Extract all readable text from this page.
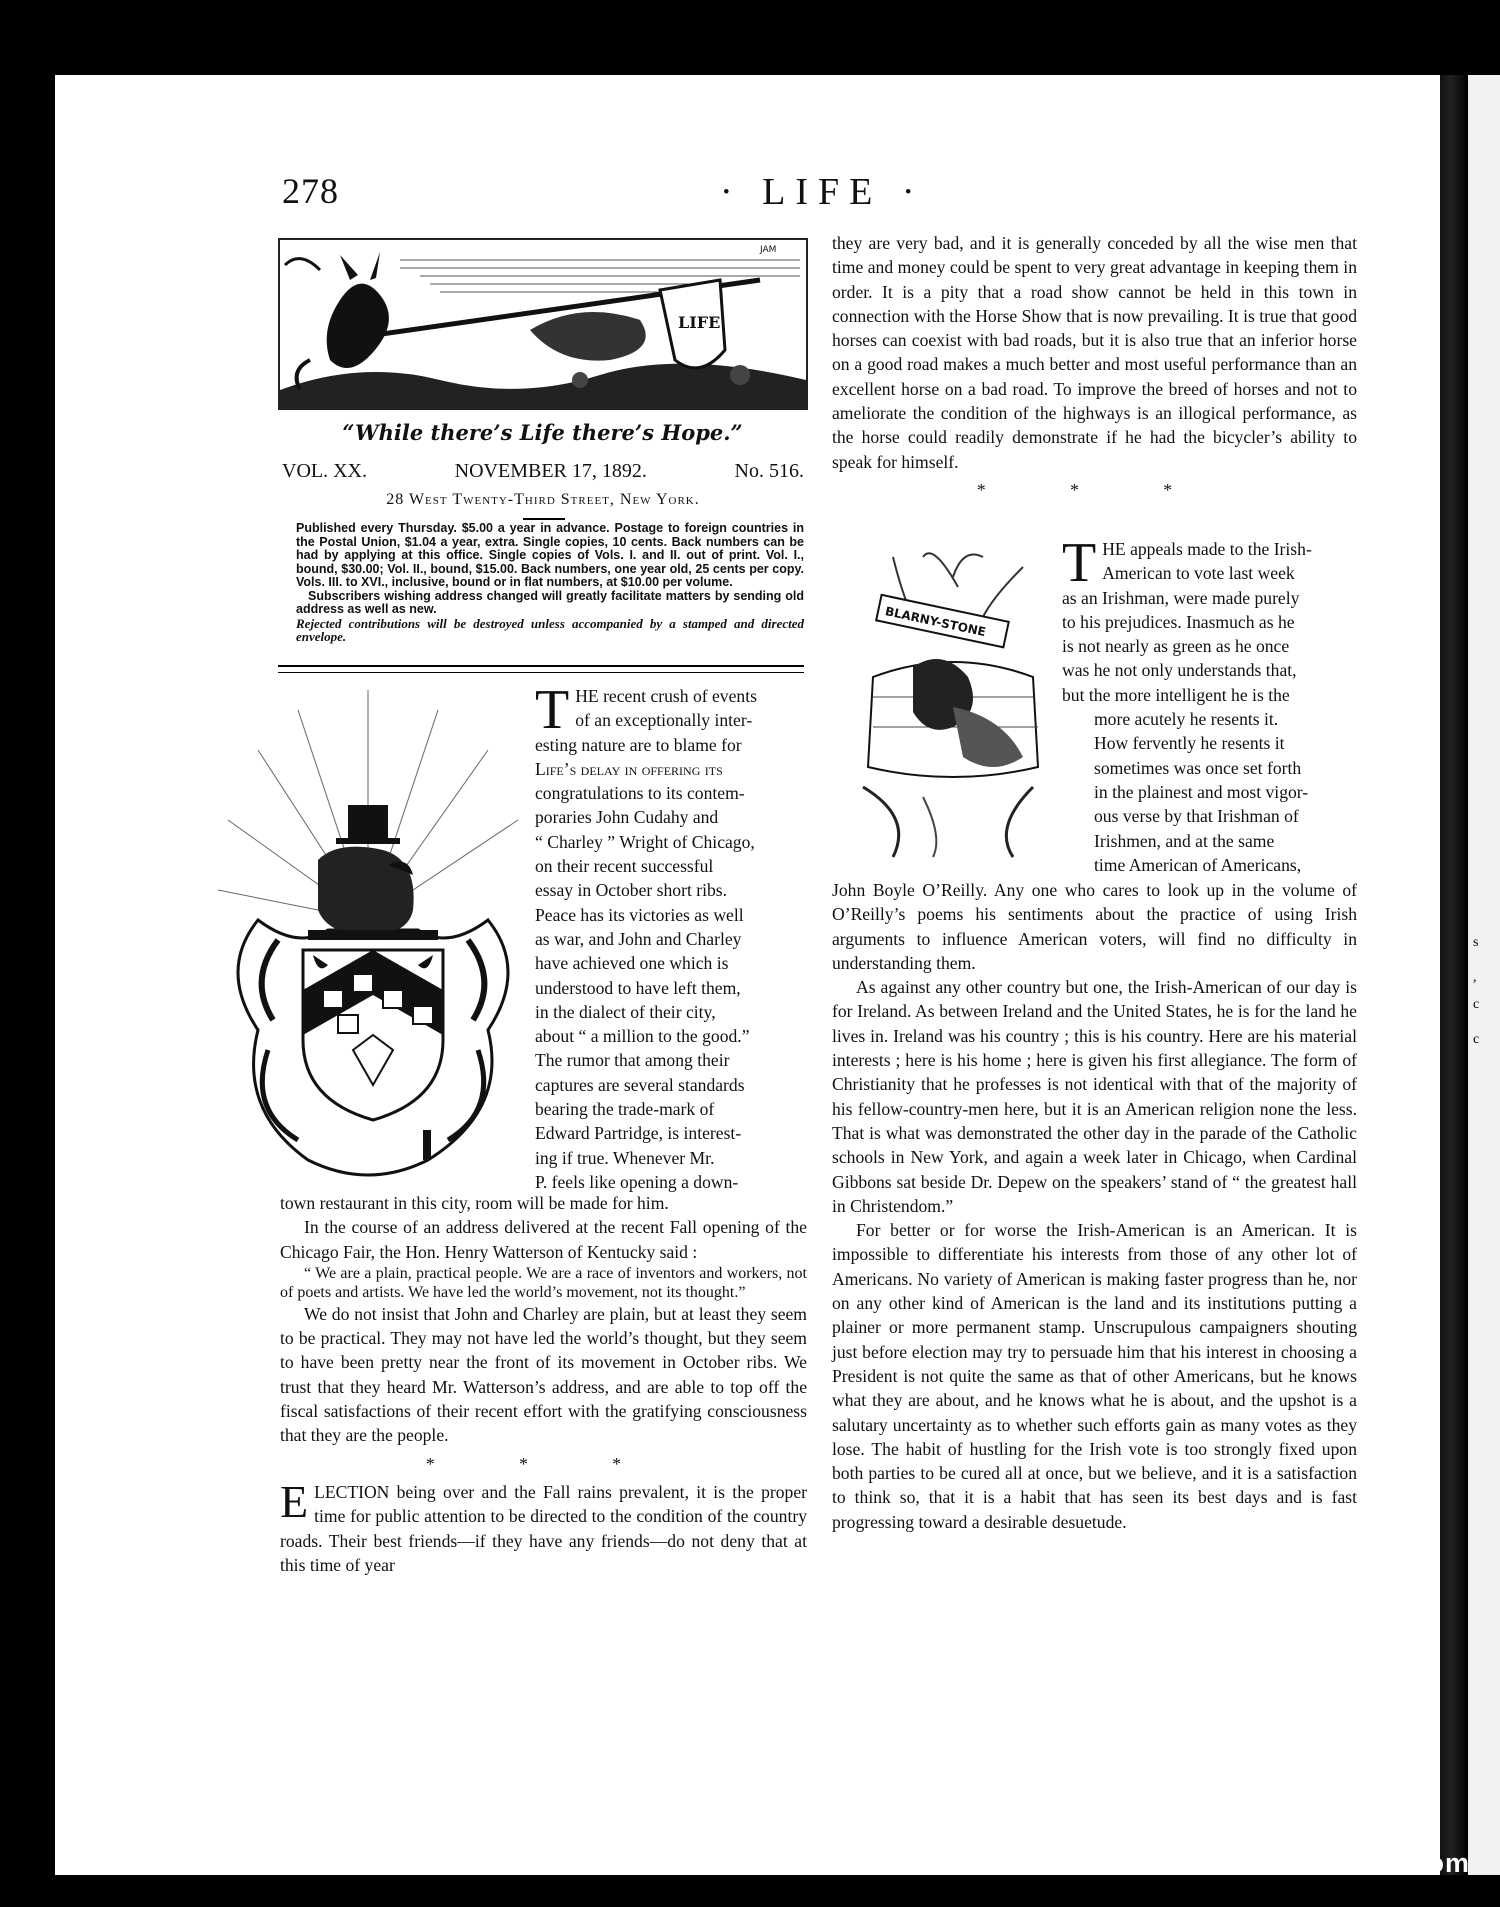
s
,
c
c
278	· LIFE ·
LIFE
JAM
“While there’s Life there’s Hope.”
VOL. XX.	NOVEMBER 17, 1892.	No. 516.
28 West Twenty-Third Street, New York.

Published every Thursday. $5.00 a year in advance. Postage to foreign countries in the Postal Union, $1.04 a year, extra. Single copies, 10 cents. Back numbers can be had by applying at this office. Single copies of Vols. I. and II. out of print. Vol. I., bound, $30.00; Vol. II., bound, $15.00. Back numbers, one year old, 25 cents per copy. Vols. III. to XVI., inclusive, bound or in flat numbers, at $10.00 per volume.

Subscribers wishing address changed will greatly facilitate matters by sending old address as well as new.

Rejected contributions will be destroyed unless accompanied by a stamped and directed envelope.

T HE recent crush of events
of an exceptionally inter-
esting nature are to blame for
Life’s delay in offering its
congratulations to its contem-
poraries John Cudahy and
“ Charley ” Wright of Chicago,
on their recent successful
essay in October short ribs.
Peace has its victories as well
as war, and John and Charley
have achieved one which is
understood to have left them,
in the dialect of their city,
about “ a million to the good.”
The rumor that among their
captures are several standards
bearing the trade-mark of
Edward Partridge, is interest-
ing if true. Whenever Mr.
P. feels like opening a down-

town restaurant in this city, room will be made for him.

In the course of an address delivered at the recent Fall opening of the Chicago Fair, the Hon. Henry Watterson of Kentucky said :

“ We are a plain, practical people. We are a race of inventors and workers, not of poets and artists. We have led the world’s movement, not its thought.”

We do not insist that John and Charley are plain, but at least they seem to be practical. They may not have led the world’s thought, but they seem to have been pretty near the front of its movement in October ribs. We trust that they heard Mr. Watterson’s address, and are able to top off the fiscal satisfactions of their recent effort with the gratifying consciousness that they are the people.

* * *

ELECTION being over and the Fall rains prevalent, it is the proper time for public attention to be directed to the condition of the country roads. Their best friends—if they have any friends—do not deny that at this time of year

they are very bad, and it is generally conceded by all the wise men that time and money could be spent to very great advantage in keeping them in order. It is a pity that a road show cannot be held in this town in connection with the Horse Show that is now prevailing. It is true that good horses can coexist with bad roads, but it is also true that an inferior horse on a good road makes a much better and most useful performance than an excellent horse on a bad road. To improve the breed of horses and not to ameliorate the condition of the highways is an illogical performance, as the horse could readily demonstrate if he had the bicycler’s ability to speak for himself.

* * *
BLARNY-STONE
T HE appeals made to the Irish-
American to vote last week
as an Irishman, were made purely
to his prejudices. Inasmuch as he
is not nearly as green as he once
was he not only understands that,
but the more intelligent he is the
more acutely he resents it.
How fervently he resents it
sometimes was once set forth
in the plainest and most vigor-
ous verse by that Irishman of
Irishmen, and at the same
time American of Americans,

John Boyle O’Reilly. Any one who cares to look up in the volume of O’Reilly’s poems his sentiments about the practice of using Irish arguments to influence American voters, will find no difficulty in understanding them.

As against any other country but one, the Irish-American of our day is for Ireland. As between Ireland and the United States, he is for the land he lives in. Ireland was his country ; this is his country. Here are his material interests ; here is his home ; here is given his first allegiance. The form of Christianity that he professes is not identical with that of the majority of his fellow-country-men here, but it is an American religion none the less. That is what was demonstrated the other day in the parade of the Catholic schools in New York, and again a week later in Chicago, when Cardinal Gibbons sat beside Dr. Depew on the speakers’ stand of “ the greatest hall in Christendom.”

For better or for worse the Irish-American is an American. It is impossible to differentiate his interests from those of any other lot of Americans. No variety of American is making faster progress than he, nor on any other kind of American is the land and its institutions putting a plainer or more permanent stamp. Unscrupulous campaigners shouting just before election may try to persuade him that his interest in choosing a President is not quite the same as that of other Americans, but he knows what they are about, and he knows what he is about, and the upshot is a salutary uncertainty as to whether such efforts gain as many votes as they lose. The habit of hustling for the Irish vote is too strongly fixed upon both parties to be cured all at once, but we believe, and it is a satisfaction to think so, that it is a habit that has seen its best days and is fast progressing toward a desirable desuetude.

comicbooks.com
